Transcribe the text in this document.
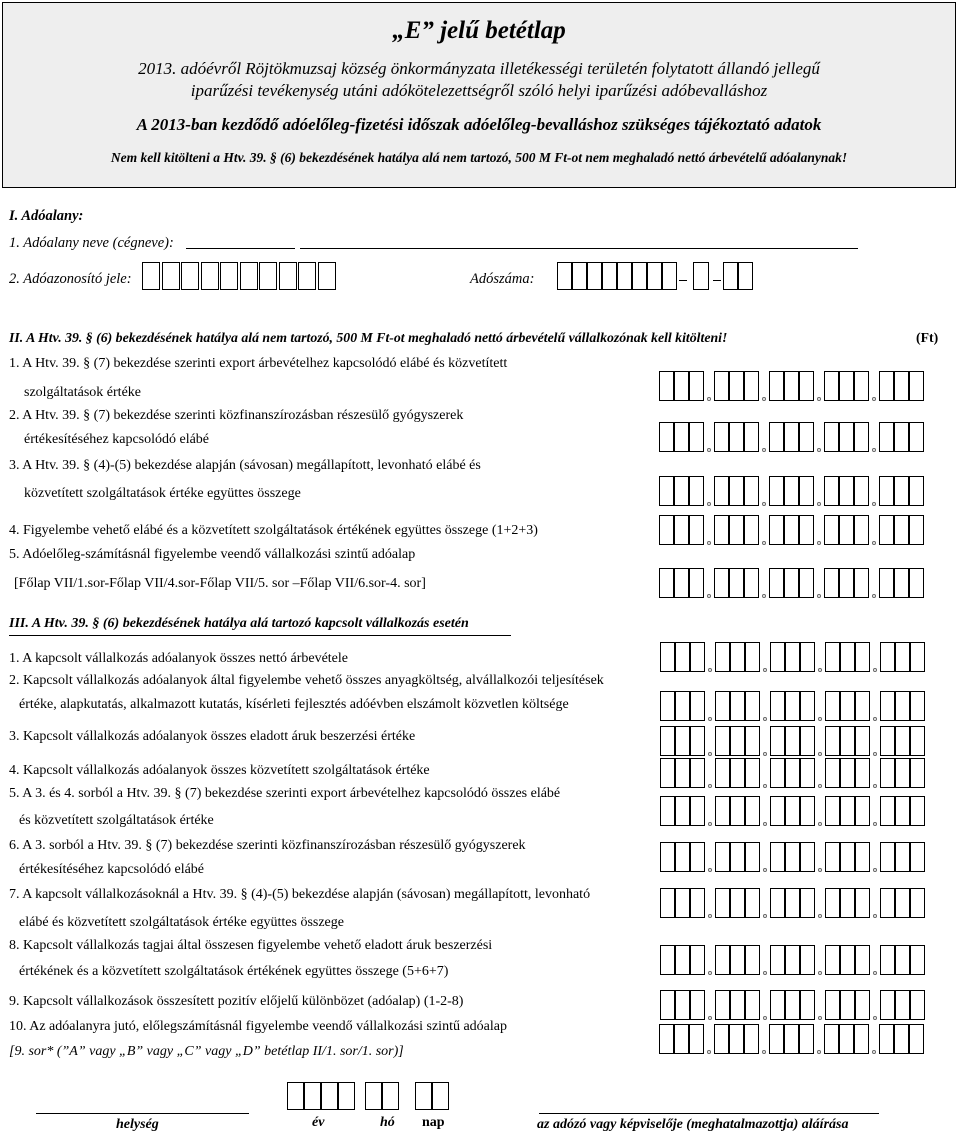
„E” jelű betétlap
2013. adóévről Röjtökmuzsaj község önkormányzata illetékességi területén folytatott állandó jellegű
iparűzési tevékenység utáni adókötelezettségről szóló helyi iparűzési adóbevalláshoz
A 2013-ban kezdődő adóelőleg-fizetési időszak adóelőleg-bevalláshoz szükséges tájékoztató adatok
Nem kell kitölteni a Htv. 39. § (6) bekezdésének hatálya alá nem tartozó, 500 M Ft-ot nem meghaladó nettó árbevételű adóalanynak!
I. Adóalany:
1. Adóalany neve (cégneve):
2. Adóazonosító jele:	Adószáma:
II. A Htv. 39. § (6) bekezdésének hatálya alá nem tartozó, 500 M Ft-ot meghaladó nettó árbevételű vállalkozónak kell kitölteni!	(Ft)
1. A Htv. 39. § (7) bekezdése szerinti export árbevételhez kapcsolódó elábé és közvetített
szolgáltatások értéke
2. A Htv. 39. § (7) bekezdése szerinti közfinanszírozásban részesülő gyógyszerek
értékesítéséhez kapcsolódó elábé
3. A Htv. 39. § (4)-(5) bekezdése alapján (sávosan) megállapított, levonható elábé és
közvetített szolgáltatások értéke együttes összege
4. Figyelembe vehető elábé és a közvetített szolgáltatások értékének együttes összege (1+2+3)
5. Adóelőleg-számításnál figyelembe veendő vállalkozási szintű adóalap
[Főlap VII/1.sor-Főlap VII/4.sor-Főlap VII/5. sor –Főlap VII/6.sor-4. sor]
III. A Htv. 39. § (6) bekezdésének hatálya alá tartozó kapcsolt vállalkozás esetén
1. A kapcsolt vállalkozás adóalanyok összes nettó árbevétele
2. Kapcsolt vállalkozás adóalanyok által figyelembe vehető összes anyagköltség, alvállalkozói teljesítések
értéke, alapkutatás, alkalmazott kutatás, kísérleti fejlesztés adóévben elszámolt közvetlen költsége
3. Kapcsolt vállalkozás adóalanyok összes eladott áruk beszerzési értéke
4. Kapcsolt vállalkozás adóalanyok összes közvetített szolgáltatások értéke
5. A 3. és 4. sorból a Htv. 39. § (7) bekezdése szerinti export árbevételhez kapcsolódó összes elábé
és közvetített szolgáltatások értéke
6. A 3. sorból a Htv. 39. § (7) bekezdése szerinti közfinanszírozásban részesülő gyógyszerek
értékesítéséhez kapcsolódó elábé
7. A kapcsolt vállalkozásoknál a Htv. 39. § (4)-(5) bekezdése alapján (sávosan) megállapított, levonható
elábé és közvetített szolgáltatások értéke együttes összege
8. Kapcsolt vállalkozás tagjai által összesen figyelembe vehető eladott áruk beszerzési
értékének és a közvetített szolgáltatások értékének együttes összege (5+6+7)
9. Kapcsolt vállalkozások összesített pozitív előjelű különbözet (adóalap) (1-2-8)
10. Az adóalanyra jutó, előlegszámításnál figyelembe veendő vállalkozási szintű adóalap
[9. sor* (”A” vagy „B” vagy „C” vagy „D” betétlap II/1. sor/1. sor)]
helység	év	hó nap	az adózó vagy képviselője (meghatalmazottja) aláírása
